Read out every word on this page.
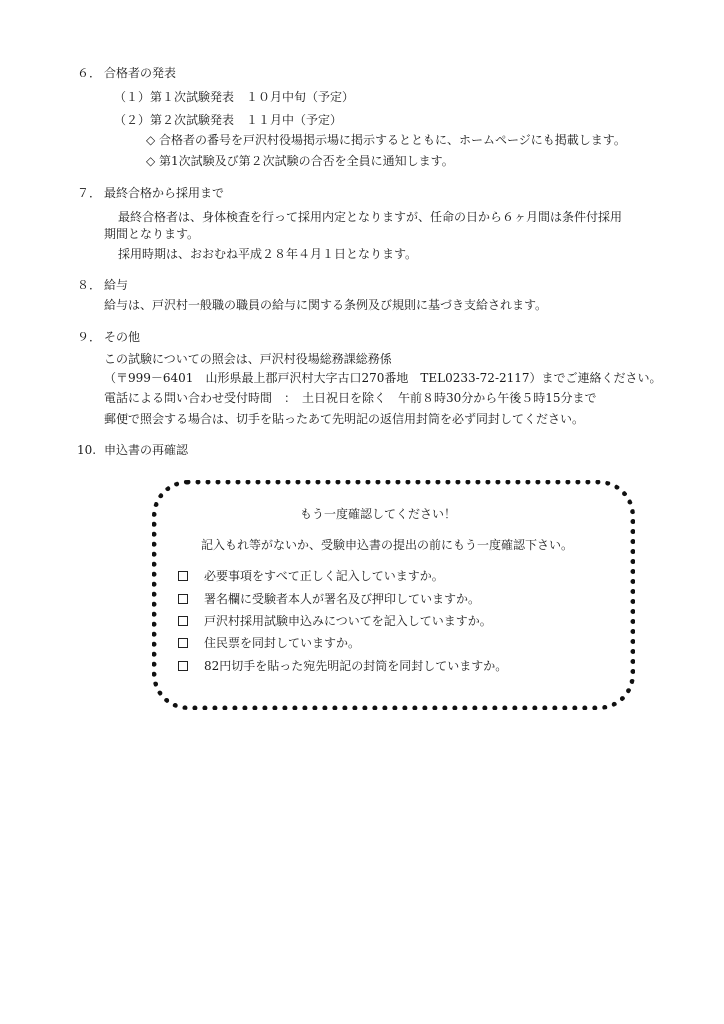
６． 合格者の発表
（１）第１次試験発表　１０月中旬（予定）
（２）第２次試験発表　１１月中（予定）
◇ 合格者の番号を戸沢村役場掲示場に掲示するとともに、ホームページにも掲載します。
◇ 第1次試験及び第２次試験の合否を全員に通知します。
７． 最終合格から採用まで
最終合格者は、身体検査を行って採用内定となりますが、任命の日から６ヶ月間は条件付採用
期間となります。
採用時期は、おおむね平成２８年４月１日となります。
８． 給与
給与は、戸沢村一般職の職員の給与に関する条例及び規則に基づき支給されます。
９． その他
この試験についての照会は、戸沢村役場総務課総務係
（〒999－6401　山形県最上郡戸沢村大字古口270番地　TEL0233-72-2117）までご連絡ください。
電話による問い合わせ受付時間　：　土日祝日を除く　午前８時30分から午後５時15分まで
郵便で照会する場合は、切手を貼ったあて先明記の返信用封筒を必ず同封してください。
10. 申込書の再確認
もう一度確認してください！
記入もれ等がないか、受験申込書の提出の前にもう一度確認下さい。
必要事項をすべて正しく記入していますか。
署名欄に受験者本人が署名及び押印していますか。
戸沢村採用試験申込みについてを記入していますか。
住民票を同封していますか。
82円切手を貼った宛先明記の封筒を同封していますか。
